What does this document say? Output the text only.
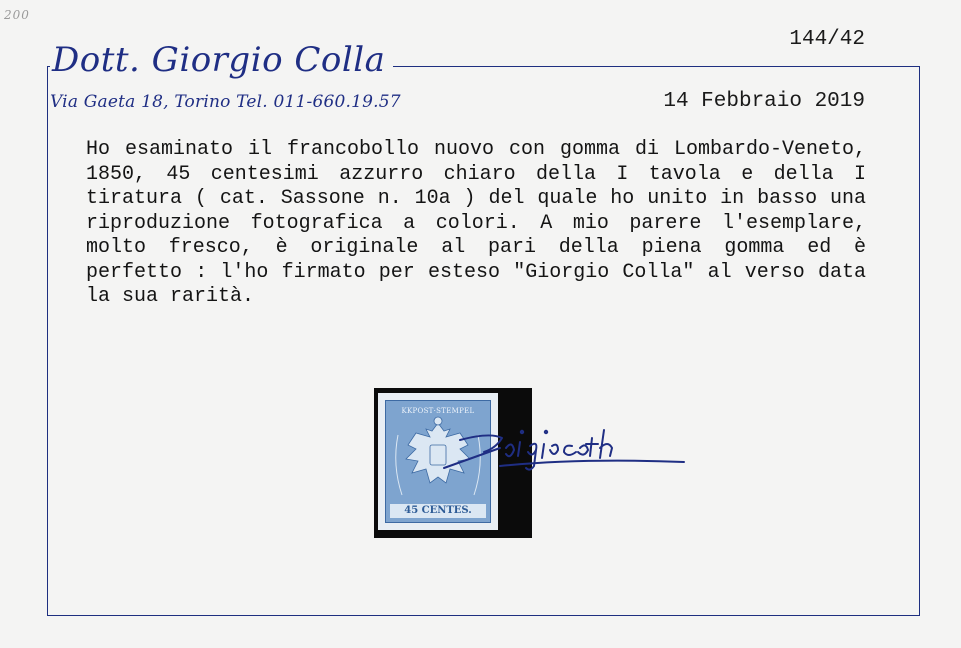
200
144/42
Dott. Giorgio Colla
Via Gaeta 18, Torino Tel. 011-660.19.57	14 Febbraio 2019

Ho esaminato il francobollo nuovo con gomma di Lombardo-Veneto, 1850, 45 centesimi azzurro chiaro della I tavola e della I tiratura ( cat. Sassone n. 10a ) del quale ho unito in basso una riproduzione fotografica a colori. A mio parere l'esemplare, molto fresco, è originale al pari della piena gomma ed è perfetto : l'ho firmato per esteso "Giorgio Colla" al verso data la sua rarità.

KKPOST·STEMPEL
45 CENTES.
